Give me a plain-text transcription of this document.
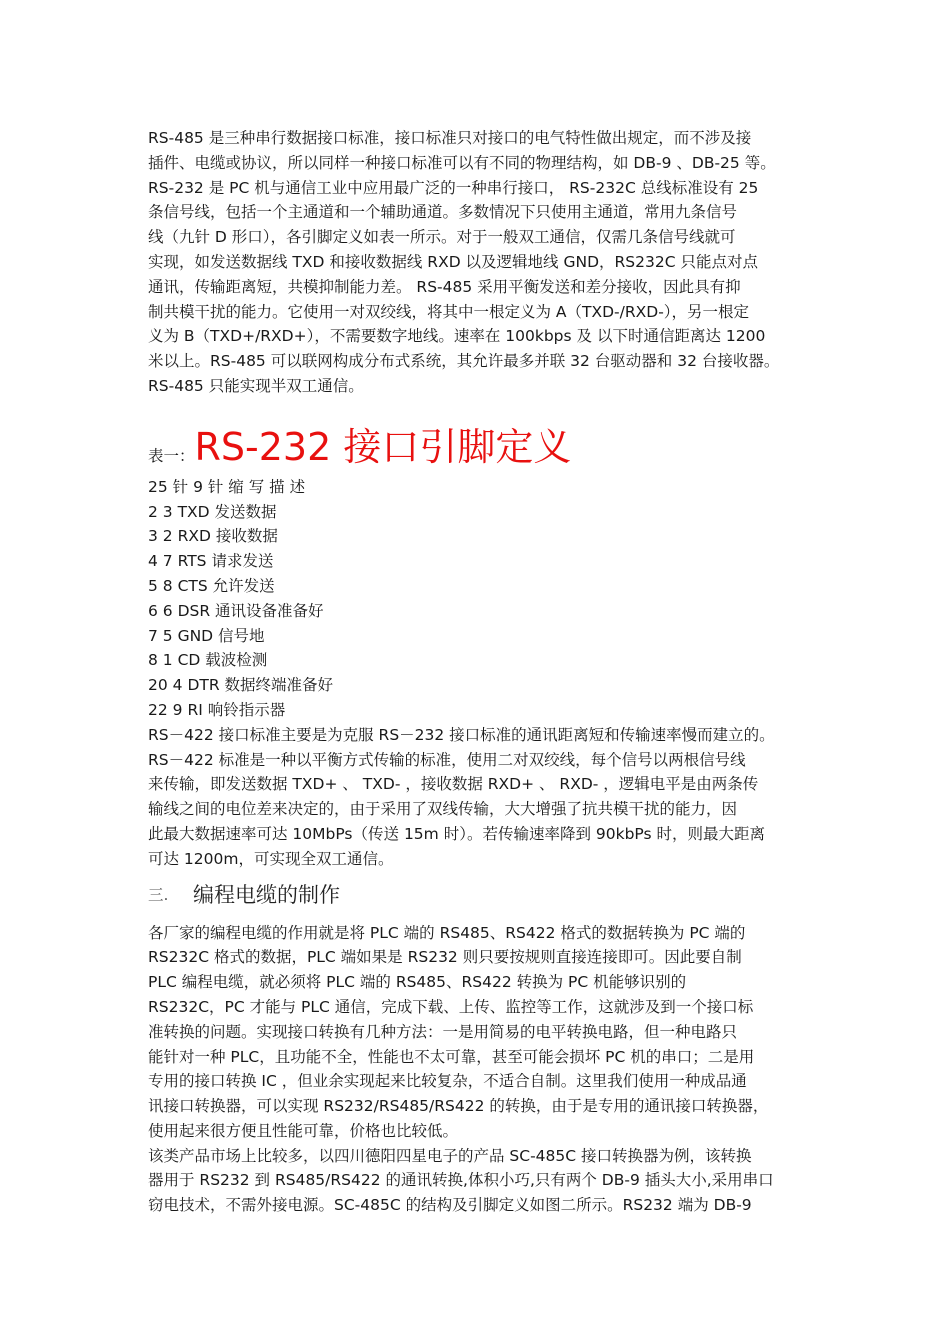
RS-485 是三种串行数据接口标准，接口标准只对接口的电气特性做出规定，而不涉及接
插件、电缆或协议，所以同样一种接口标准可以有不同的物理结构，如 DB-9 、DB-25 等。
RS-232 是 PC 机与通信工业中应用最广泛的一种串行接口， RS-232C 总线标准设有 25
条信号线，包括一个主通道和一个辅助通道。多数情况下只使用主通道，常用九条信号
线（九针 D 形口），各引脚定义如表一所示。对于一般双工通信，仅需几条信号线就可
实现，如发送数据线 TXD 和接收数据线 RXD 以及逻辑地线 GND，RS232C 只能点对点
通讯，传输距离短，共模抑制能力差。 RS-485 采用平衡发送和差分接收，因此具有抑
制共模干扰的能力。它使用一对双绞线，将其中一根定义为 A（TXD-/RXD-），另一根定
义为 B（TXD+/RXD+），不需要数字地线。速率在 100kbps 及 以下时通信距离达 1200
米以上。RS-485 可以联网构成分布式系统，其允许最多并联 32 台驱动器和 32 台接收器。
RS-485 只能实现半双工通信。
表一： RS-232 接口引脚定义
25 针 9 针 缩 写 描 述
2 3 TXD 发送数据
3 2 RXD 接收数据
4 7 RTS 请求发送
5 8 CTS 允许发送
6 6 DSR 通讯设备准备好
7 5 GND 信号地
8 1 CD 载波检测
20 4 DTR 数据终端准备好
22 9 RI 响铃指示器
RS－422 接口标准主要是为克服 RS－232 接口标准的通讯距离短和传输速率慢而建立的。
RS－422 标准是一种以平衡方式传输的标准，使用二对双绞线，每个信号以两根信号线
来传输，即发送数据 TXD+ 、 TXD- ，接收数据 RXD+ 、 RXD- ，逻辑电平是由两条传
输线之间的电位差来决定的，由于采用了双线传输，大大增强了抗共模干扰的能力，因
此最大数据速率可达 10MbPs（传送 15m 时）。若传输速率降到 90kbPs 时，则最大距离
可达 1200m，可实现全双工通信。
三.	编程电缆的制作
各厂家的编程电缆的作用就是将 PLC 端的 RS485、RS422 格式的数据转换为 PC 端的
RS232C 格式的数据，PLC 端如果是 RS232 则只要按规则直接连接即可。因此要自制
PLC 编程电缆，就必须将 PLC 端的 RS485、RS422 转换为 PC 机能够识别的
RS232C，PC 才能与 PLC 通信，完成下载、上传、监控等工作，这就涉及到一个接口标
准转换的问题。实现接口转换有几种方法：一是用简易的电平转换电路，但一种电路只
能针对一种 PLC，且功能不全，性能也不太可靠，甚至可能会损坏 PC 机的串口；二是用
专用的接口转换 IC ，但业余实现起来比较复杂，不适合自制。这里我们使用一种成品通
讯接口转换器，可以实现 RS232/RS485/RS422 的转换，由于是专用的通讯接口转换器，
使用起来很方便且性能可靠，价格也比较低。
该类产品市场上比较多，以四川德阳四星电子的产品 SC-485C 接口转换器为例，该转换
器用于 RS232 到 RS485/RS422 的通讯转换,体积小巧,只有两个 DB-9 插头大小,采用串口
窃电技术，不需外接电源。SC-485C 的结构及引脚定义如图二所示。RS232 端为 DB-9
